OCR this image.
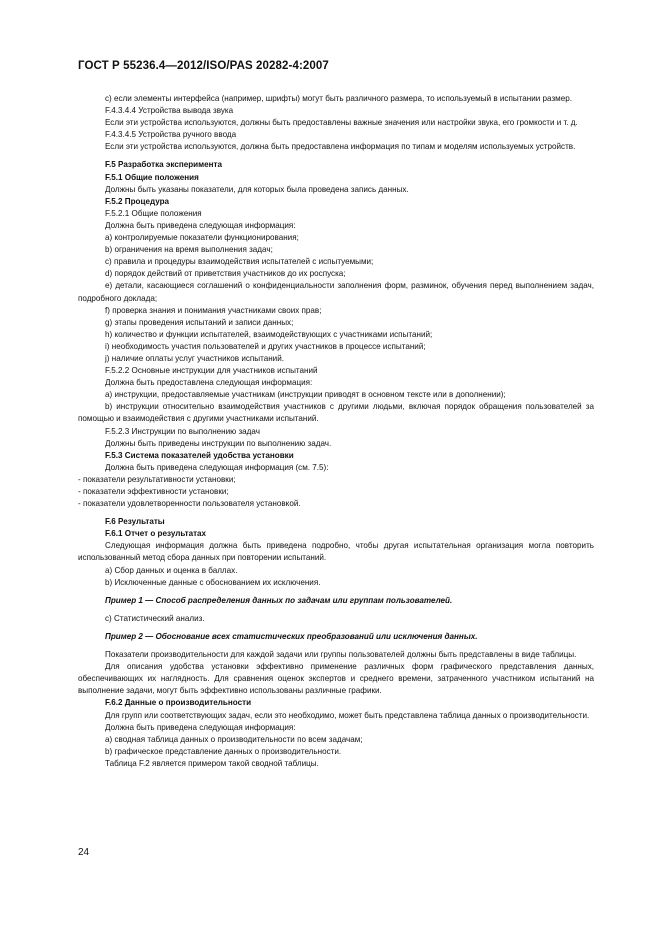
ГОСТ Р 55236.4—2012/ISO/PAS 20282-4:2007

c) если элементы интерфейса (например, шрифты) могут быть различного размера, то используемый в испытании размер.

F.4.3.4.4 Устройства вывода звука

Если эти устройства используются, должны быть предоставлены важные значения или настройки звука, его громкости и т. д.

F.4.3.4.5 Устройства ручного ввода

Если эти устройства используются, должна быть предоставлена информация по типам и моделям используемых устройств.

F.5 Разработка эксперимента

F.5.1 Общие положения

Должны быть указаны показатели, для которых была проведена запись данных.

F.5.2 Процедура

F.5.2.1 Общие положения

Должна быть приведена следующая информация:

a) контролируемые показатели функционирования;

b) ограничения на время выполнения задач;

c) правила и процедуры взаимодействия испытателей с испытуемыми;

d) порядок действий от приветствия участников до их роспуска;

e) детали, касающиеся соглашений о конфиденциальности заполнения форм, разминок, обучения перед выполнением задач, подробного доклада;

f) проверка знания и понимания участниками своих прав;

g) этапы проведения испытаний и записи данных;

h) количество и функции испытателей, взаимодействующих с участниками испытаний;

i) необходимость участия пользователей и других участников в процессе испытаний;

j) наличие оплаты услуг участников испытаний.

F.5.2.2 Основные инструкции для участников испытаний

Должна быть предоставлена следующая информация:

a) инструкции, предоставляемые участникам (инструкции приводят в основном тексте или в дополнении);

b) инструкции относительно взаимодействия участников с другими людьми, включая порядок обращения пользователей за помощью и взаимодействия с другими участниками испытаний.

F.5.2.3 Инструкции по выполнению задач

Должны быть приведены инструкции по выполнению задач.

F.5.3 Система показателей удобства установки

Должна быть приведена следующая информация (см. 7.5):

- показатели результативности установки;

- показатели эффективности установки;

- показатели удовлетворенности пользователя установкой.

F.6 Результаты

F.6.1 Отчет о результатах

Следующая информация должна быть приведена подробно, чтобы другая испытательная организация могла повторить использованный метод сбора данных при повторении испытаний.

a) Сбор данных и оценка в баллах.

b) Исключенные данные с обоснованием их исключения.

Пример 1 — Способ распределения данных по задачам или группам пользователей.

c) Статистический анализ.

Пример 2 — Обоснование всех статистических преобразований или исключения данных.

Показатели производительности для каждой задачи или группы пользователей должны быть представлены в виде таблицы.

Для описания удобства установки эффективно применение различных форм графического представления данных, обеспечивающих их наглядность. Для сравнения оценок экспертов и среднего времени, затраченного участником испытаний на выполнение задачи, могут быть эффективно использованы различные графики.

F.6.2 Данные о производительности

Для групп или соответствующих задач, если это необходимо, может быть представлена таблица данных о производительности.

Должна быть приведена следующая информация:

a) сводная таблица данных о производительности по всем задачам;

b) графическое представление данных о производительности.

Таблица F.2 является примером такой сводной таблицы.

24
